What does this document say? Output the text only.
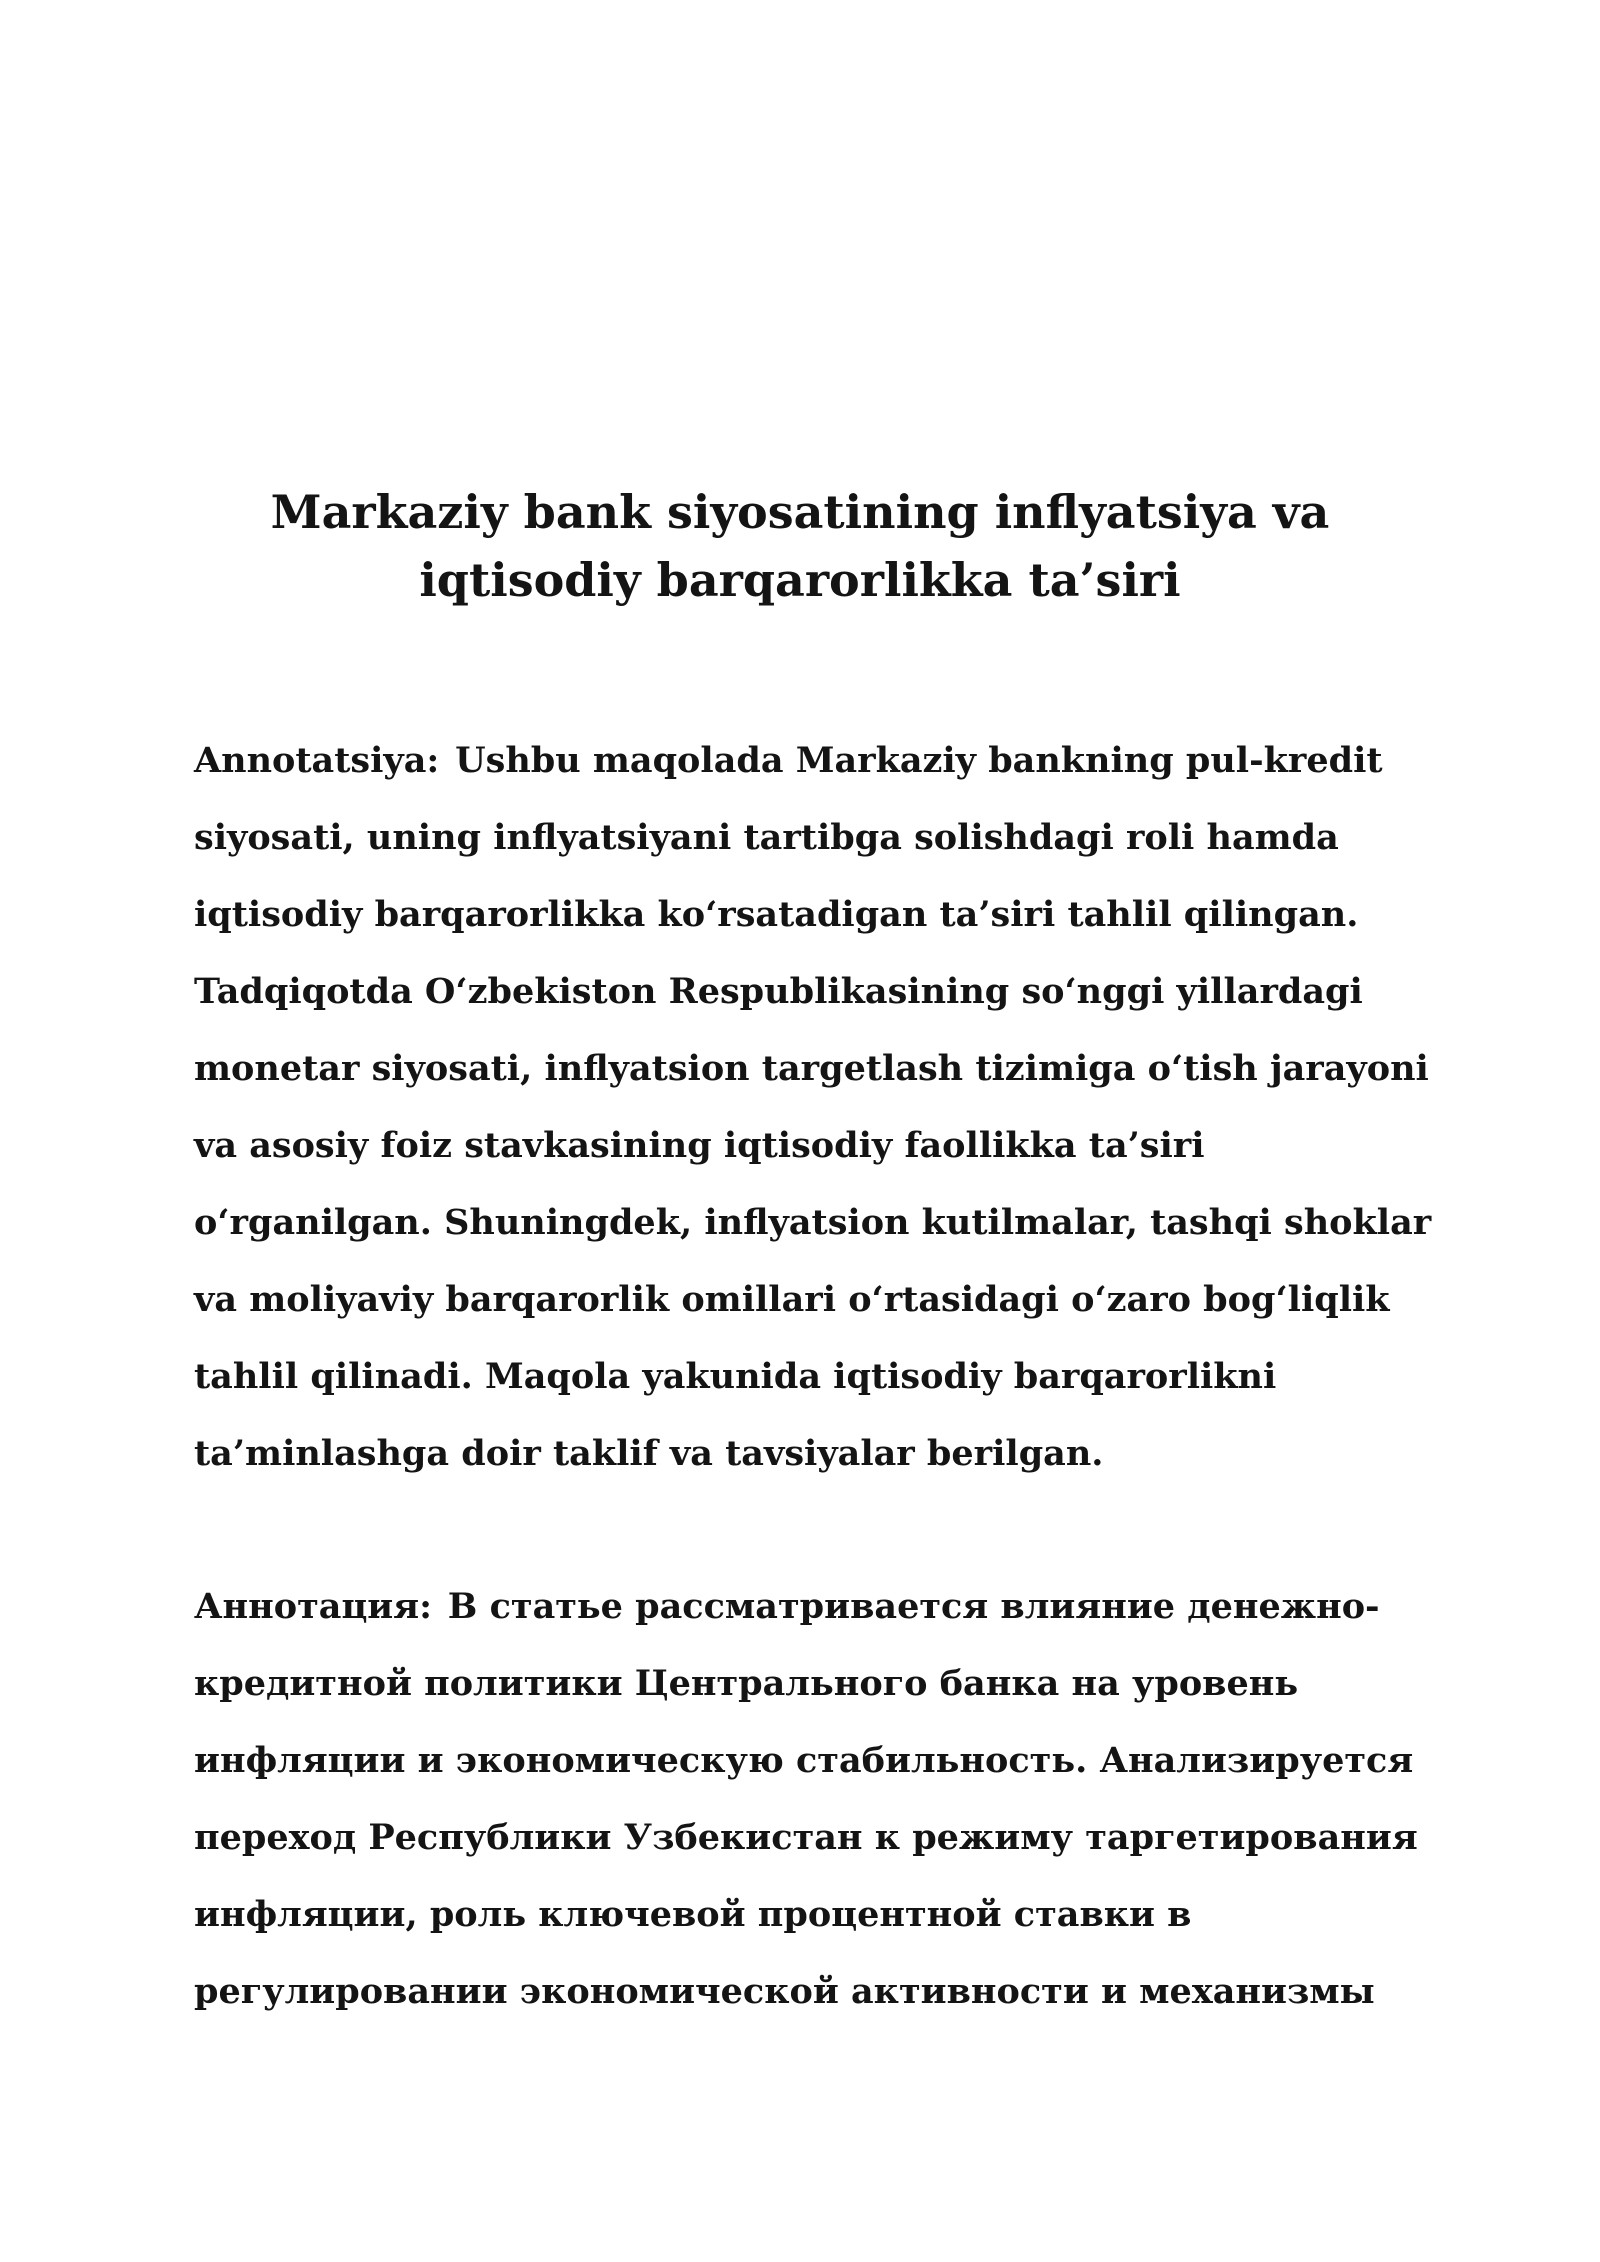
Markaziy bank siyosatining inflyatsiya va
iqtisodiy barqarorlikka ta’siri

Annotatsiya: Ushbu maqolada Markaziy bankning pul-kredit
siyosati, uning inflyatsiyani tartibga solishdagi roli hamda
iqtisodiy barqarorlikka ko‘rsatadigan ta’siri tahlil qilingan.
Tadqiqotda O‘zbekiston Respublikasining so‘nggi yillardagi
monetar siyosati, inflyatsion targetlash tizimiga o‘tish jarayoni
va asosiy foiz stavkasining iqtisodiy faollikka ta’siri
o‘rganilgan. Shuningdek, inflyatsion kutilmalar, tashqi shoklar
va moliyaviy barqarorlik omillari o‘rtasidagi o‘zaro bog‘liqlik
tahlil qilinadi. Maqola yakunida iqtisodiy barqarorlikni
ta’minlashga doir taklif va tavsiyalar berilgan.

Аннотация: В статье рассматривается влияние денежно-
кредитной политики Центрального банка на уровень
инфляции и экономическую стабильность. Анализируется
переход Республики Узбекистан к режиму таргетирования
инфляции, роль ключевой процентной ставки в
регулировании экономической активности и механизмы
